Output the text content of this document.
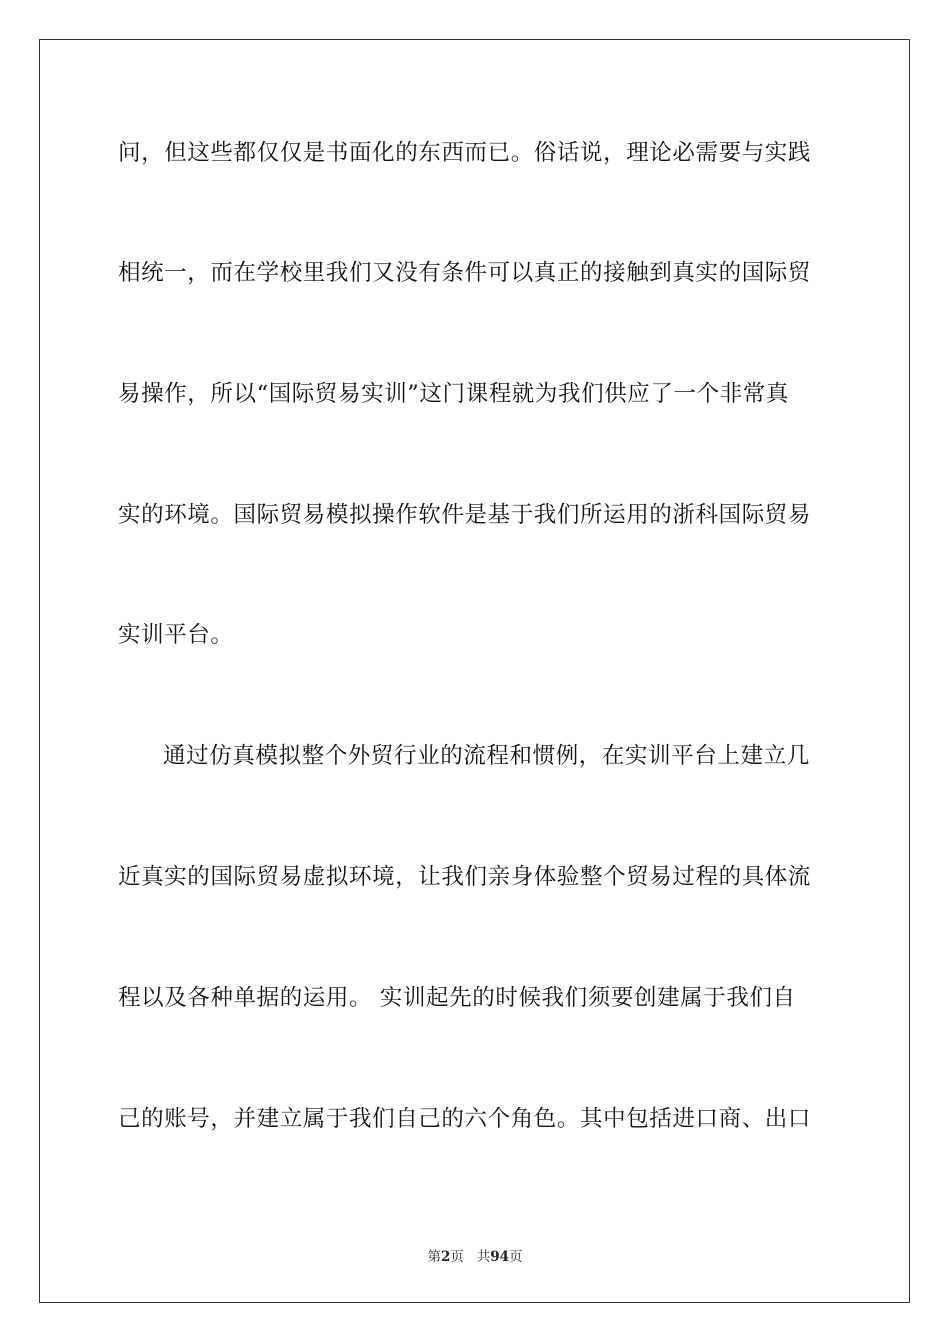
问，但这些都仅仅是书面化的东西而已。俗话说，理论必需要与实践
相统一，而在学校里我们又没有条件可以真正的接触到真实的国际贸
易操作，所以“国际贸易实训”这门课程就为我们供应了一个非常真
实的环境。国际贸易模拟操作软件是基于我们所运用的浙科国际贸易
实训平台。
通过仿真模拟整个外贸行业的流程和惯例，在实训平台上建立几
近真实的国际贸易虚拟环境，让我们亲身体验整个贸易过程的具体流
程以及各种单据的运用。 实训起先的时候我们须要创建属于我们自
己的账号，并建立属于我们自己的六个角色。其中包括进口商、出口
第2页 共94页
